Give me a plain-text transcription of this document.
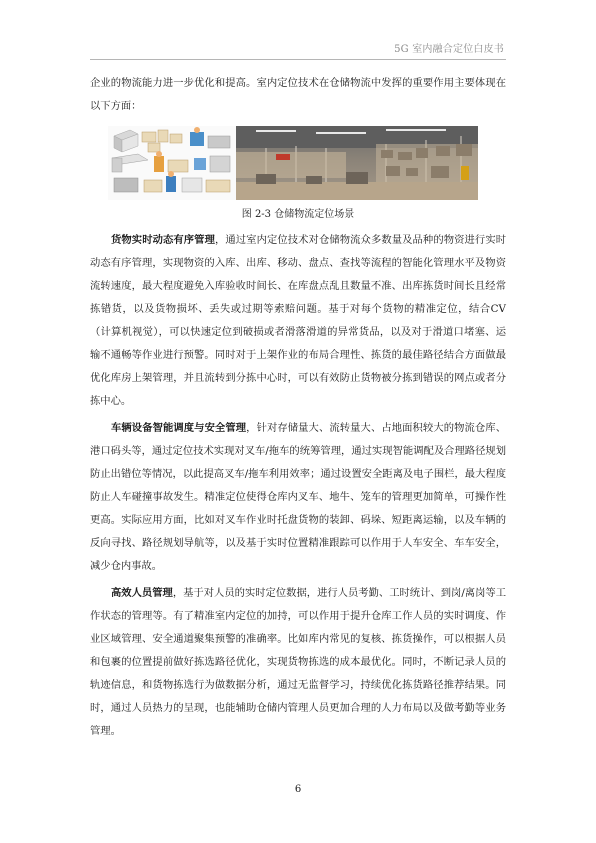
5G 室内融合定位白皮书

企业的物流能力进一步优化和提高。室内定位技术在仓储物流中发挥的重要作用主要体现在以下方面：

图 2-3 仓储物流定位场景

货物实时动态有序管理，通过室内定位技术对仓储物流众多数量及品种的物资进行实时动态有序管理，实现物资的入库、出库、移动、盘点、查找等流程的智能化管理水平及物资流转速度，最大程度避免入库验收时间长、在库盘点乱且数量不准、出库拣货时间长且经常拣错货，以及货物损坏、丢失或过期等索赔问题。基于对每个货物的精准定位，结合CV（计算机视觉），可以快速定位到破损或者滑落滑道的异常货品，以及对于滑道口堵塞、运输不通畅等作业进行预警。同时对于上架作业的布局合理性、拣货的最佳路径结合方面做最优化库房上架管理，并且流转到分拣中心时，可以有效防止货物被分拣到错误的网点或者分拣中心。

车辆设备智能调度与安全管理，针对存储量大、流转量大、占地面积较大的物流仓库、港口码头等，通过定位技术实现对叉车/拖车的统筹管理，通过实现智能调配及合理路径规划防止出错位等情况，以此提高叉车/拖车利用效率；通过设置安全距离及电子围栏，最大程度防止人车碰撞事故发生。精准定位使得仓库内叉车、地牛、笼车的管理更加简单，可操作性更高。实际应用方面，比如对叉车作业时托盘货物的装卸、码垛、短距离运输，以及车辆的反向寻找、路径规划导航等，以及基于实时位置精准跟踪可以作用于人车安全、车车安全，减少仓内事故。

高效人员管理，基于对人员的实时定位数据，进行人员考勤、工时统计、到岗/离岗等工作状态的管理等。有了精准室内定位的加持，可以作用于提升仓库工作人员的实时调度、作业区域管理、安全通道聚集预警的准确率。比如库内常见的复核、拣货操作，可以根据人员和包裹的位置提前做好拣选路径优化，实现货物拣选的成本最优化。同时，不断记录人员的轨迹信息，和货物拣选行为做数据分析，通过无监督学习，持续优化拣货路径推荐结果。同时，通过人员热力的呈现，也能辅助仓储内管理人员更加合理的人力布局以及做考勤等业务管理。

6
